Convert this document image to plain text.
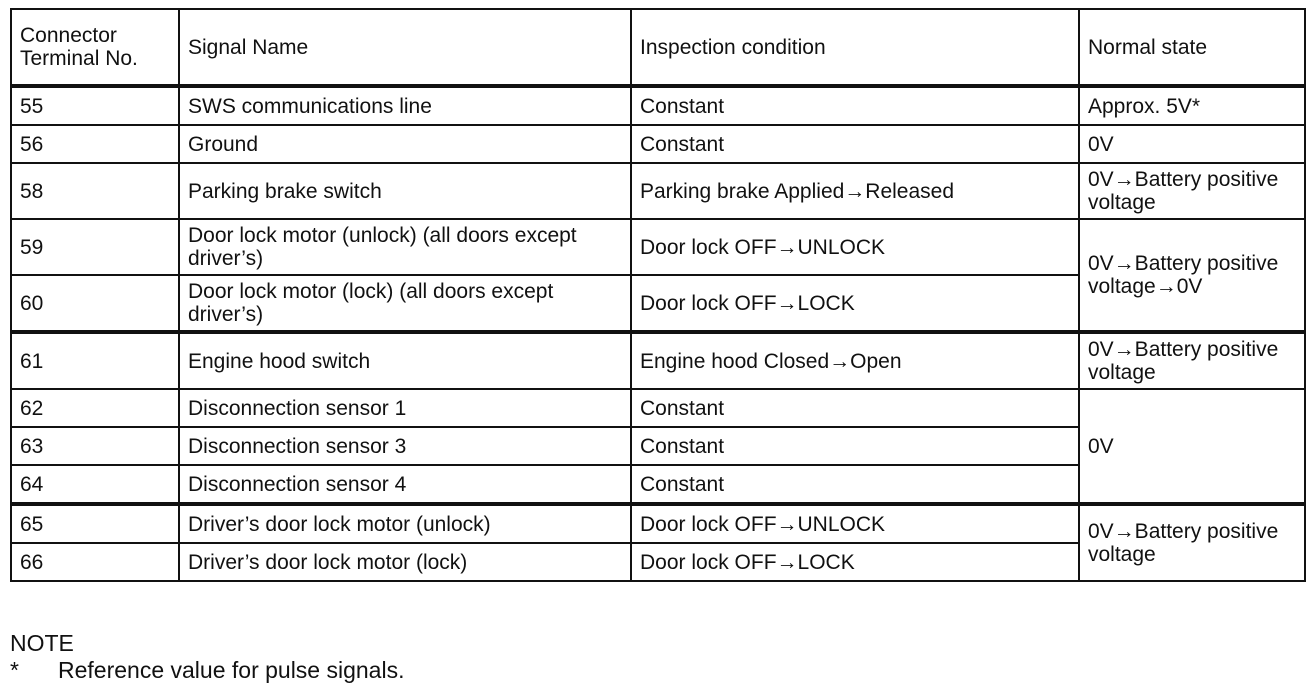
Connector Terminal No.	Signal Name	Inspection condition	Normal state
55	SWS communications line	Constant	Approx. 5V*
56	Ground	Constant	0V
58	Parking brake switch	Parking brake Applied→Released	0V→Battery positive voltage
59	Door lock motor (unlock) (all doors except driver’s)	Door lock OFF→UNLOCK	0V→Battery positive voltage→0V
60	Door lock motor (lock) (all doors except driver’s)	Door lock OFF→LOCK	
61	Engine hood switch	Engine hood Closed→Open	0V→Battery positive voltage
62	Disconnection sensor 1	Constant	0V
63	Disconnection sensor 3	Constant	
64	Disconnection sensor 4	Constant	
65	Driver’s door lock motor (unlock)	Door lock OFF→UNLOCK	0V→Battery positive voltage
66	Driver’s door lock motor (lock)	Door lock OFF→LOCK	
NOTE
* Reference value for pulse signals.
